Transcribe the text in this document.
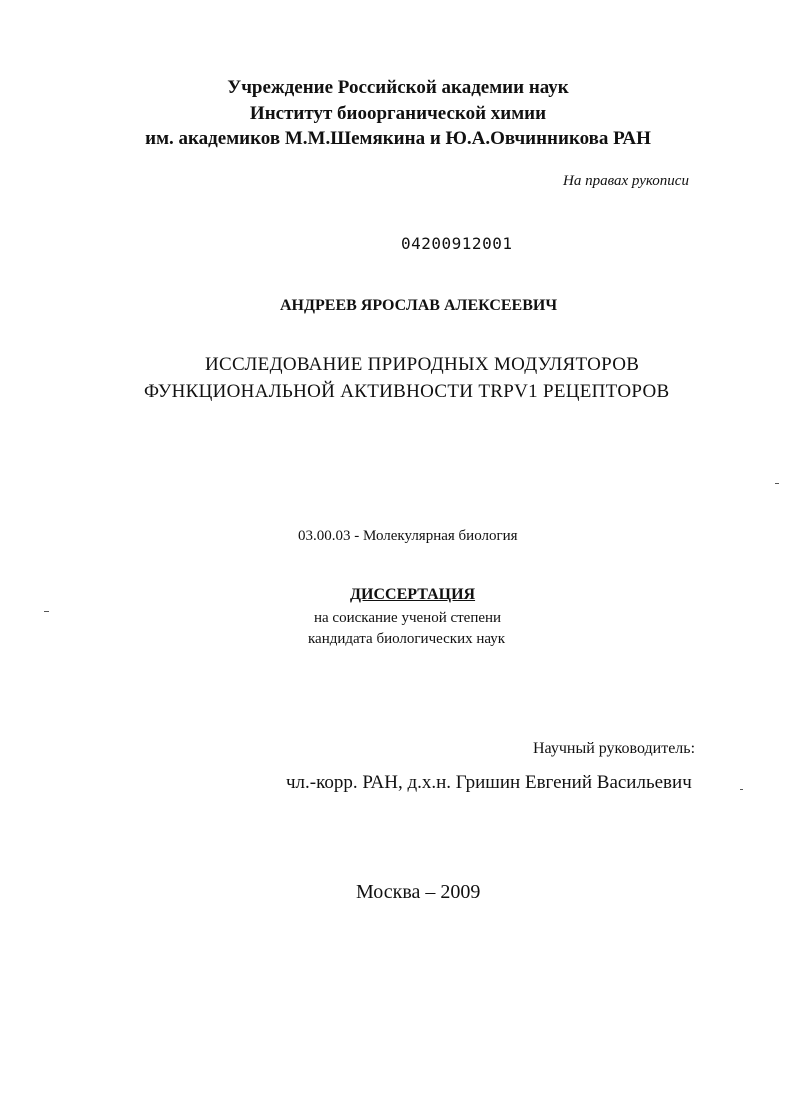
Учреждение Российской академии наук
Институт биоорганической химии
им. академиков М.М.Шемякина и Ю.А.Овчинникова РАН
На правах рукописи
04200912001
АНДРЕЕВ ЯРОСЛАВ АЛЕКСЕЕВИЧ
ИССЛЕДОВАНИЕ ПРИРОДНЫХ МОДУЛЯТОРОВ
ФУНКЦИОНАЛЬНОЙ АКТИВНОСТИ TRPV1 РЕЦЕПТОРОВ
03.00.03 - Молекулярная биология
ДИССЕРТАЦИЯ
на соискание ученой степени
кандидата биологических наук
Научный руководитель:
чл.-корр. РАН, д.х.н. Гришин Евгений Васильевич
Москва – 2009
